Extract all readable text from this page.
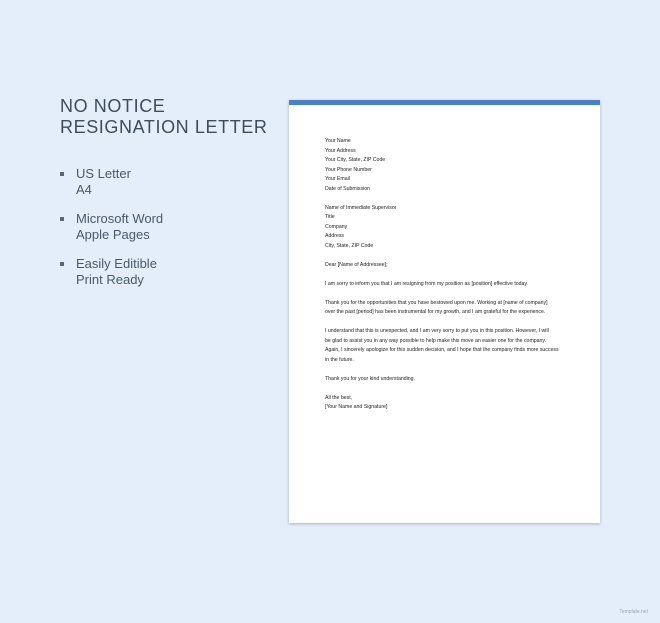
NO NOTICE
RESIGNATION LETTER
US Letter
A4
Microsoft Word
Apple Pages
Easily Editible
Print Ready
Your Name
Your Address
Your City, State, ZIP Code
Your Phone Number
Your Email
Date of Submission
Name of Immediate Supervisor
Title
Company
Address
City, State, ZIP Code
Dear [Name of Addressee];
I am sorry to inform you that I am resigning from my position as [position] effective today.
Thank you for the opportunities that you have bestowed upon me. Working at [name of company]
over the past [period] has been instrumental for my growth, and I am grateful for the experience.
I understand that this is unexpected, and I am very sorry to put you in this position. However, I will
be glad to assist you in any way possible to help make this move an easier one for the company.
Again, I sincerely apologize for this sudden decision, and I hope that the company finds more success
in the future.
Thank you for your kind understanding.
All the best,
[Your Name and Signature]
Template.net
